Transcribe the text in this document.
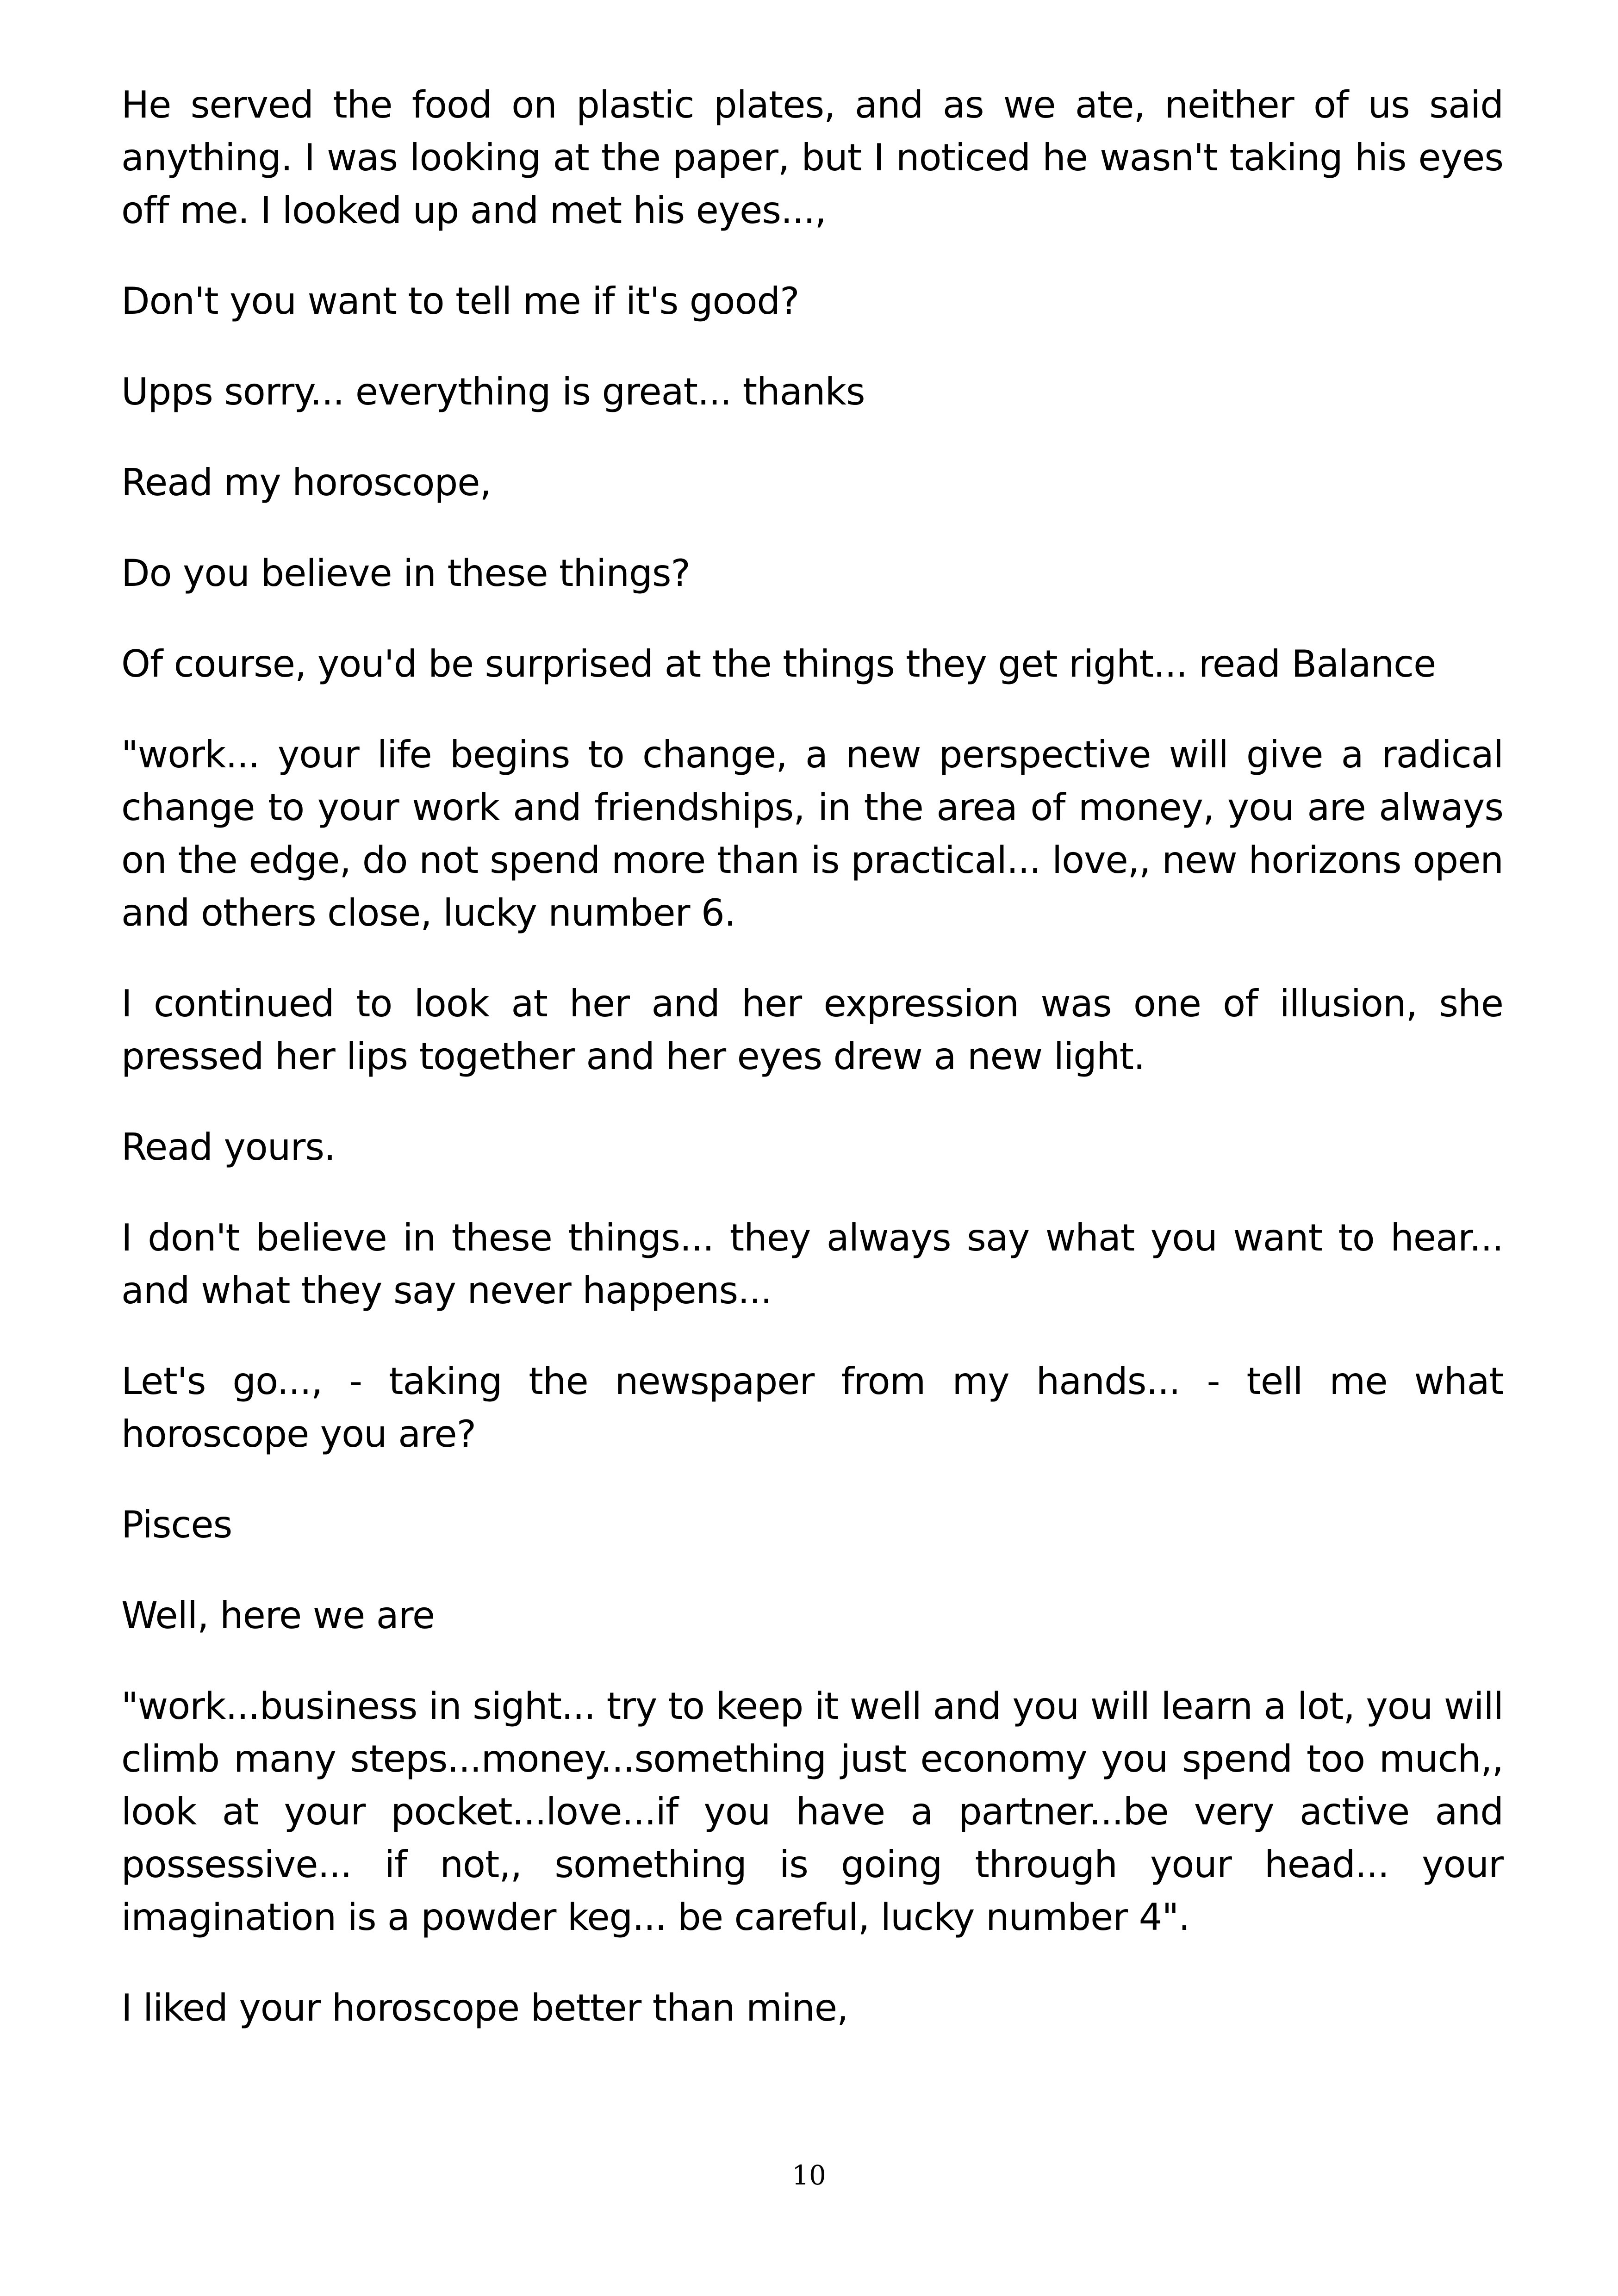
He served the food on plastic plates, and as we ate, neither of us said anything. I was looking at the paper, but I noticed he wasn't taking his eyes off me. I looked up and met his eyes...,

Don't you want to tell me if it's good?

Upps sorry... everything is great... thanks

Read my horoscope,

Do you believe in these things?

Of course, you'd be surprised at the things they get right... read Balance

"work... your life begins to change, a new perspective will give a radical change to your work and friendships, in the area of money, you are always on the edge, do not spend more than is practical... love,, new horizons open and others close, lucky number 6.

I continued to look at her and her expression was one of illusion, she pressed her lips together and her eyes drew a new light.

Read yours.

I don't believe in these things... they always say what you want to hear... and what they say never happens...

Let's go..., - taking the newspaper from my hands... - tell me what horoscope you are?

Pisces

Well, here we are

"work...business in sight... try to keep it well and you will learn a lot, you will climb many steps...money...something just economy you spend too much,, look at your pocket...love...if you have a partner...be very active and possessive... if not,, something is going through your head... your imagination is a powder keg... be careful, lucky number 4".

I liked your horoscope better than mine,

10
